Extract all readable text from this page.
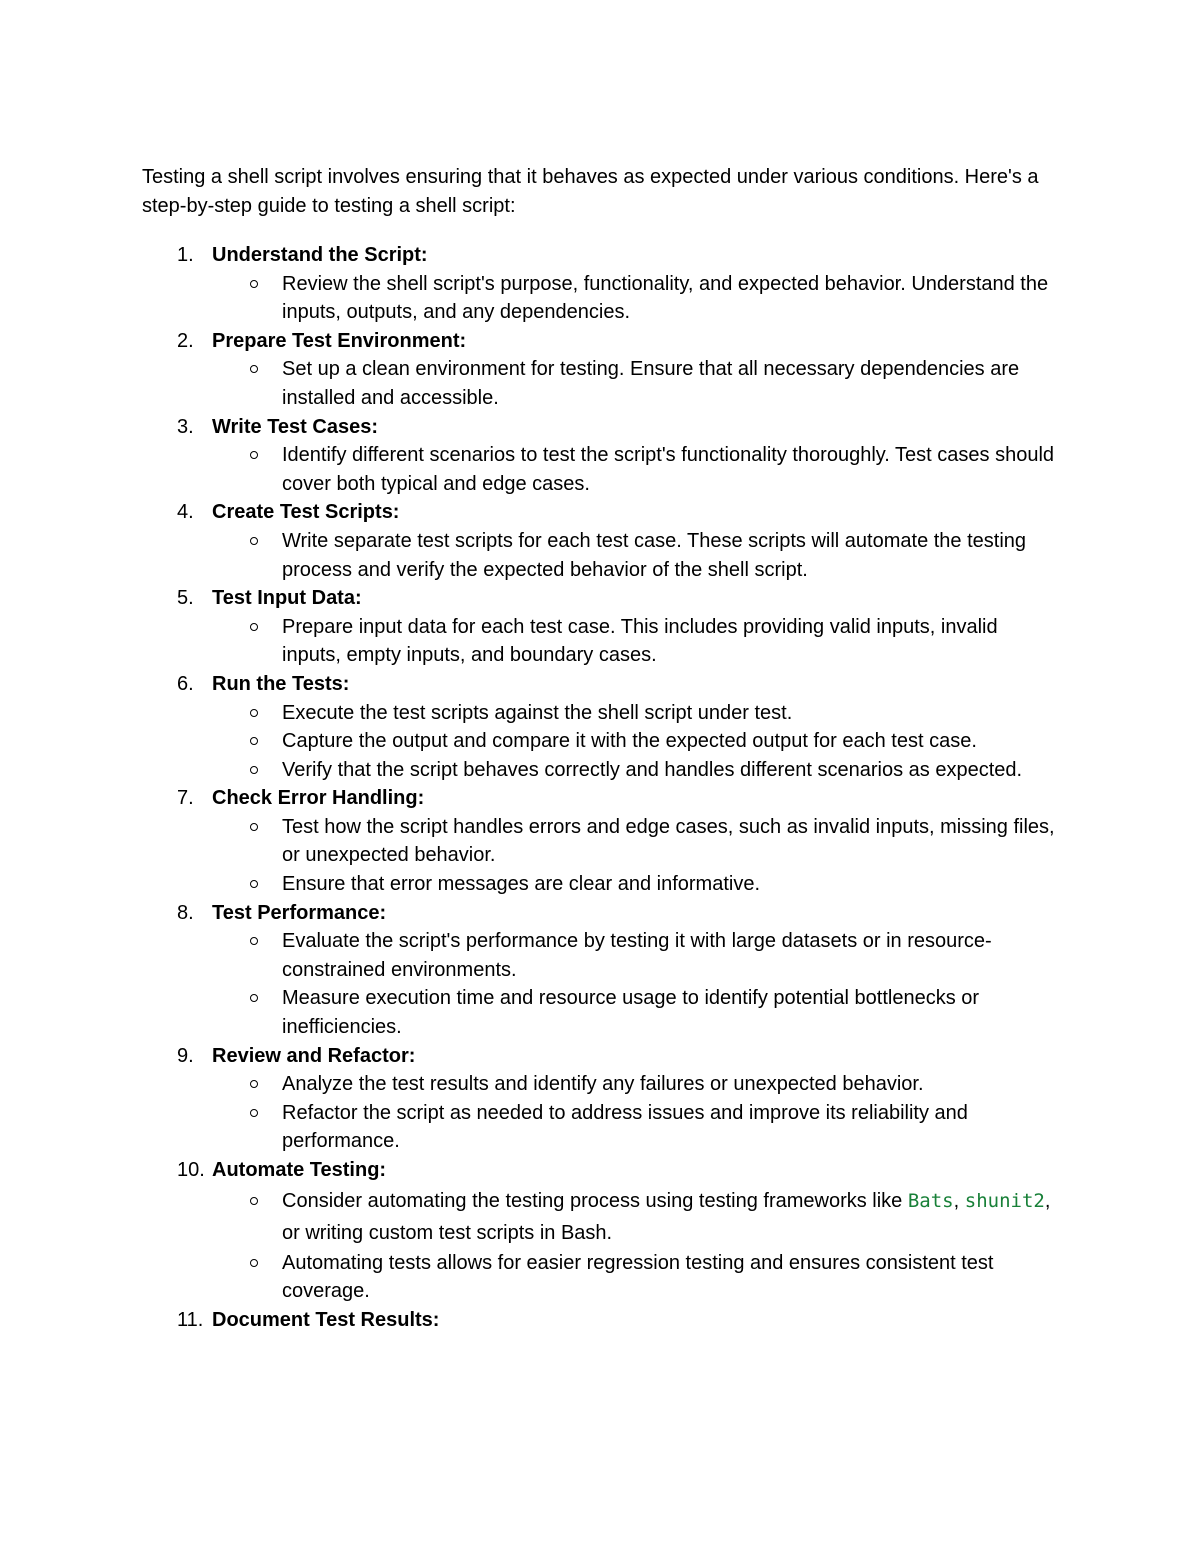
Testing a shell script involves ensuring that it behaves as expected under various conditions. Here's a step-by-step guide to testing a shell script:

1. Understand the Script:
Review the shell script's purpose, functionality, and expected behavior. Understand the inputs, outputs, and any dependencies.
2. Prepare Test Environment:
Set up a clean environment for testing. Ensure that all necessary dependencies are installed and accessible.
3. Write Test Cases:
Identify different scenarios to test the script's functionality thoroughly. Test cases should cover both typical and edge cases.
4. Create Test Scripts:
Write separate test scripts for each test case. These scripts will automate the testing process and verify the expected behavior of the shell script.
5. Test Input Data:
Prepare input data for each test case. This includes providing valid inputs, invalid inputs, empty inputs, and boundary cases.
6. Run the Tests:
Execute the test scripts against the shell script under test.
Capture the output and compare it with the expected output for each test case.
Verify that the script behaves correctly and handles different scenarios as expected.
7. Check Error Handling:
Test how the script handles errors and edge cases, such as invalid inputs, missing files, or unexpected behavior.
Ensure that error messages are clear and informative.
8. Test Performance:
Evaluate the script's performance by testing it with large datasets or in resource-constrained environments.
Measure execution time and resource usage to identify potential bottlenecks or inefficiencies.
9. Review and Refactor:
Analyze the test results and identify any failures or unexpected behavior.
Refactor the script as needed to address issues and improve its reliability and performance.
10. Automate Testing:
Consider automating the testing process using testing frameworks like Bats, shunit2, or writing custom test scripts in Bash.
Automating tests allows for easier regression testing and ensures consistent test coverage.
11. Document Test Results:
